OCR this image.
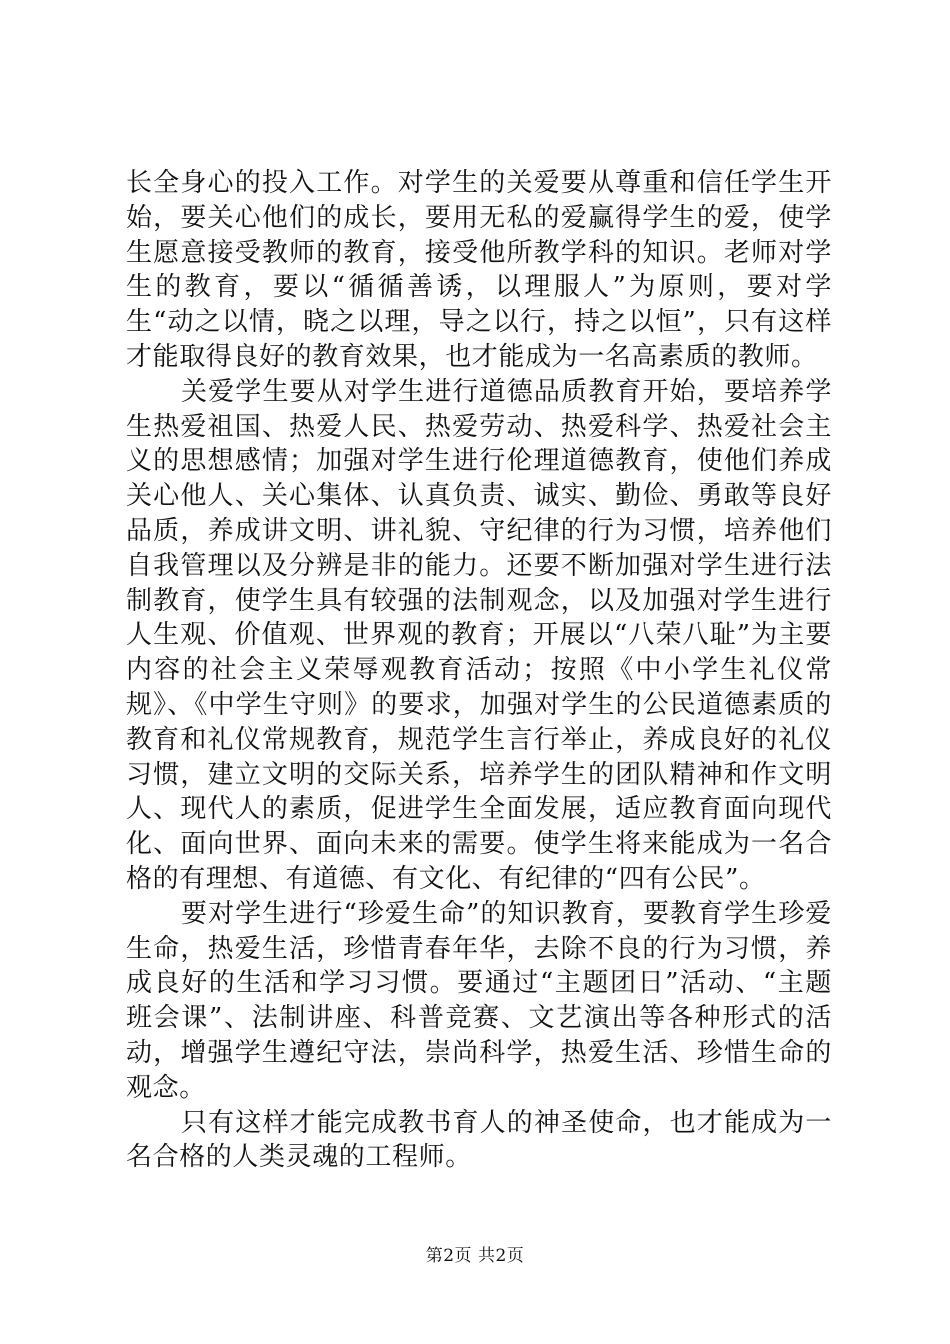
长全身心的投入工作。对学生的关爱要从尊重和信任学生开始，要关心他们的成长，要用无私的爱赢得学生的爱，使学生愿意接受教师的教育，接受他所教学科的知识。老师对学生的教育，要以“循循善诱，以理服人”为原则，要对学生“动之以情，晓之以理，导之以行，持之以恒”，只有这样才能取得良好的教育效果，也才能成为一名高素质的教师。

关爱学生要从对学生进行道德品质教育开始，要培养学生热爱祖国、热爱人民、热爱劳动、热爱科学、热爱社会主义的思想感情；加强对学生进行伦理道德教育，使他们养成关心他人、关心集体、认真负责、诚实、勤俭、勇敢等良好品质，养成讲文明、讲礼貌、守纪律的行为习惯，培养他们自我管理以及分辨是非的能力。还要不断加强对学生进行法制教育，使学生具有较强的法制观念，以及加强对学生进行人生观、价值观、世界观的教育；开展以“八荣八耻”为主要内容的社会主义荣辱观教育活动；按照《中小学生礼仪常规》、《中学生守则》的要求，加强对学生的公民道德素质的教育和礼仪常规教育，规范学生言行举止，养成良好的礼仪习惯，建立文明的交际关系，培养学生的团队精神和作文明人、现代人的素质，促进学生全面发展，适应教育面向现代化、面向世界、面向未来的需要。使学生将来能成为一名合格的有理想、有道德、有文化、有纪律的“四有公民”。

要对学生进行“珍爱生命”的知识教育，要教育学生珍爱生命，热爱生活，珍惜青春年华，去除不良的行为习惯，养成良好的生活和学习习惯。要通过“主题团日”活动、“主题班会课”、法制讲座、科普竞赛、文艺演出等各种形式的活动，增强学生遵纪守法，崇尚科学，热爱生活、珍惜生命的观念。

只有这样才能完成教书育人的神圣使命，也才能成为一名合格的人类灵魂的工程师。

第2页 共2页
